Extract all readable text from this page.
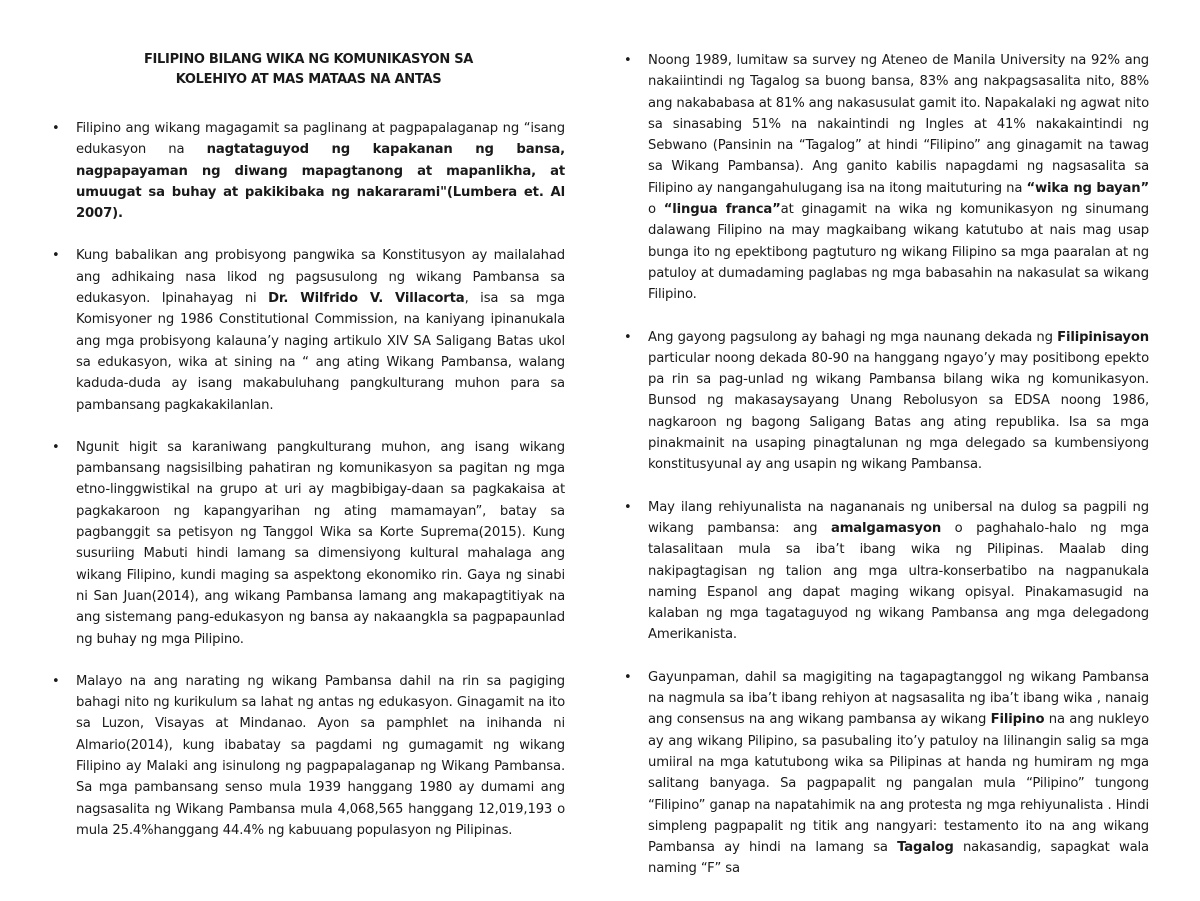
FILIPINO BILANG WIKA NG KOMUNIKASYON SA
KOLEHIYO AT MAS MATAAS NA ANTAS
• Filipino ang wikang magagamit sa paglinang at pagpapalaganap ng “isang edukasyon na nagtataguyod ng kapakanan ng bansa, nagpapayaman ng diwang mapagtanong at mapanlikha, at umuugat sa buhay at pakikibaka ng nakararami"(Lumbera et. Al 2007).
• Kung babalikan ang probisyong pangwika sa Konstitusyon ay mailalahad ang adhikaing nasa likod ng pagsusulong ng wikang Pambansa sa edukasyon. Ipinahayag ni Dr. Wilfrido V. Villacorta, isa sa mga Komisyoner ng 1986 Constitutional Commission, na kaniyang ipinanukala ang mga probisyong kalauna’y naging artikulo XIV SA Saligang Batas ukol sa edukasyon, wika at sining na “ ang ating Wikang Pambansa, walang kaduda-duda ay isang makabuluhang pangkulturang muhon para sa pambansang pagkakakilanlan.
• Ngunit higit sa karaniwang pangkulturang muhon, ang isang wikang pambansang nagsisilbing pahatiran ng komunikasyon sa pagitan ng mga etno-linggwistikal na grupo at uri ay magbibigay-daan sa pagkakaisa at pagkakaroon ng kapangyarihan ng ating mamamayan”, batay sa pagbanggit sa petisyon ng Tanggol Wika sa Korte Suprema(2015). Kung susuriing Mabuti hindi lamang sa dimensiyong kultural mahalaga ang wikang Filipino, kundi maging sa aspektong ekonomiko rin. Gaya ng sinabi ni San Juan(2014), ang wikang Pambansa lamang ang makapagtitiyak na ang sistemang pang-edukasyon ng bansa ay nakaangkla sa pagpapaunlad ng buhay ng mga Pilipino.
• Malayo na ang narating ng wikang Pambansa dahil na rin sa pagiging bahagi nito ng kurikulum sa lahat ng antas ng edukasyon. Ginagamit na ito sa Luzon, Visayas at Mindanao. Ayon sa pamphlet na inihanda ni Almario(2014), kung ibabatay sa pagdami ng gumagamit ng wikang Filipino ay Malaki ang isinulong ng pagpapalaganap ng Wikang Pambansa. Sa mga pambansang senso mula 1939 hanggang 1980 ay dumami ang nagsasalita ng Wikang Pambansa mula 4,068,565 hanggang 12,019,193 o mula 25.4%hanggang 44.4% ng kabuuang populasyon ng Pilipinas.
• Noong 1989, lumitaw sa survey ng Ateneo de Manila University na 92% ang nakaiintindi ng Tagalog sa buong bansa, 83% ang nakpagsasalita nito, 88% ang nakababasa at 81% ang nakasusulat gamit ito. Napakalaki ng agwat nito sa sinasabing 51% na nakaintindi ng Ingles at 41% nakakaintindi ng Sebwano (Pansinin na “Tagalog” at hindi “Filipino” ang ginagamit na tawag sa Wikang Pambansa). Ang ganito kabilis napagdami ng nagsasalita sa Filipino ay nangangahulugang isa na itong maituturing na “wika ng bayan” o “lingua franca”at ginagamit na wika ng komunikasyon ng sinumang dalawang Filipino na may magkaibang wikang katutubo at nais mag usap bunga ito ng epektibong pagtuturo ng wikang Filipino sa mga paaralan at ng patuloy at dumadaming paglabas ng mga babasahin na nakasulat sa wikang Filipino.
• Ang gayong pagsulong ay bahagi ng mga naunang dekada ng Filipinisayon particular noong dekada 80-90 na hanggang ngayo’y may positibong epekto pa rin sa pag-unlad ng wikang Pambansa bilang wika ng komunikasyon. Bunsod ng makasaysayang Unang Rebolusyon sa EDSA noong 1986, nagkaroon ng bagong Saligang Batas ang ating republika. Isa sa mga pinakmainit na usaping pinagtalunan ng mga delegado sa kumbensiyong konstitusyunal ay ang usapin ng wikang Pambansa.
• May ilang rehiyunalista na nagananais ng unibersal na dulog sa pagpili ng wikang pambansa: ang amalgamasyon o paghahalo-halo ng mga talasalitaan mula sa iba’t ibang wika ng Pilipinas. Maalab ding nakipagtagisan ng talion ang mga ultra-konserbatibo na nagpanukala naming Espanol ang dapat maging wikang opisyal. Pinakamasugid na kalaban ng mga tagataguyod ng wikang Pambansa ang mga delegadong Amerikanista.
• Gayunpaman, dahil sa magigiting na tagapagtanggol ng wikang Pambansa na nagmula sa iba’t ibang rehiyon at nagsasalita ng iba’t ibang wika , nanaig ang consensus na ang wikang pambansa ay wikang Filipino na ang nukleyo ay ang wikang Pilipino, sa pasubaling ito’y patuloy na lilinangin salig sa mga umiiral na mga katutubong wika sa Pilipinas at handa ng humiram ng mga salitang banyaga. Sa pagpapalit ng pangalan mula “Pilipino” tungong “Filipino” ganap na napatahimik na ang protesta ng mga rehiyunalista . Hindi simpleng pagpapalit ng titik ang nangyari: testamento ito na ang wikang Pambansa ay hindi na lamang sa Tagalog nakasandig, sapagkat wala naming “F” sa
